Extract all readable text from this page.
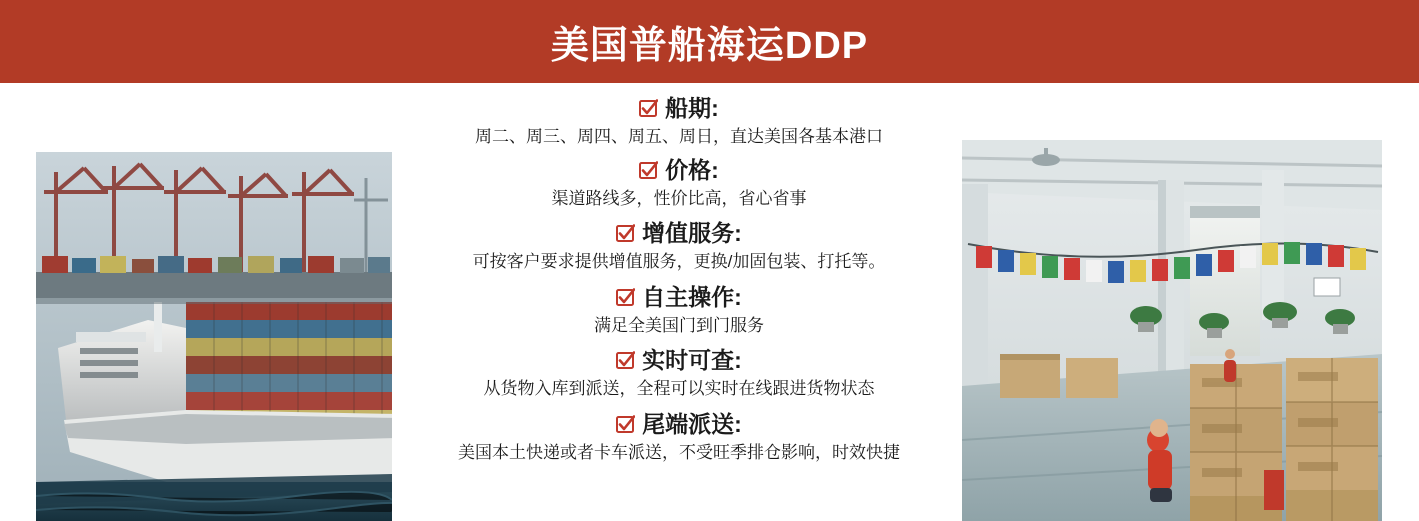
美国普船海运DDP
船期:
周二、周三、周四、周五、周日，直达美国各基本港口
价格:
渠道路线多，性价比高，省心省事
增值服务:
可按客户要求提供增值服务，更换/加固包装、打托等。
自主操作:
满足全美国门到门服务
实时可查:
从货物入库到派送，全程可以实时在线跟进货物状态
尾端派送:
美国本土快递或者卡车派送，不受旺季排仓影响，时效快捷
